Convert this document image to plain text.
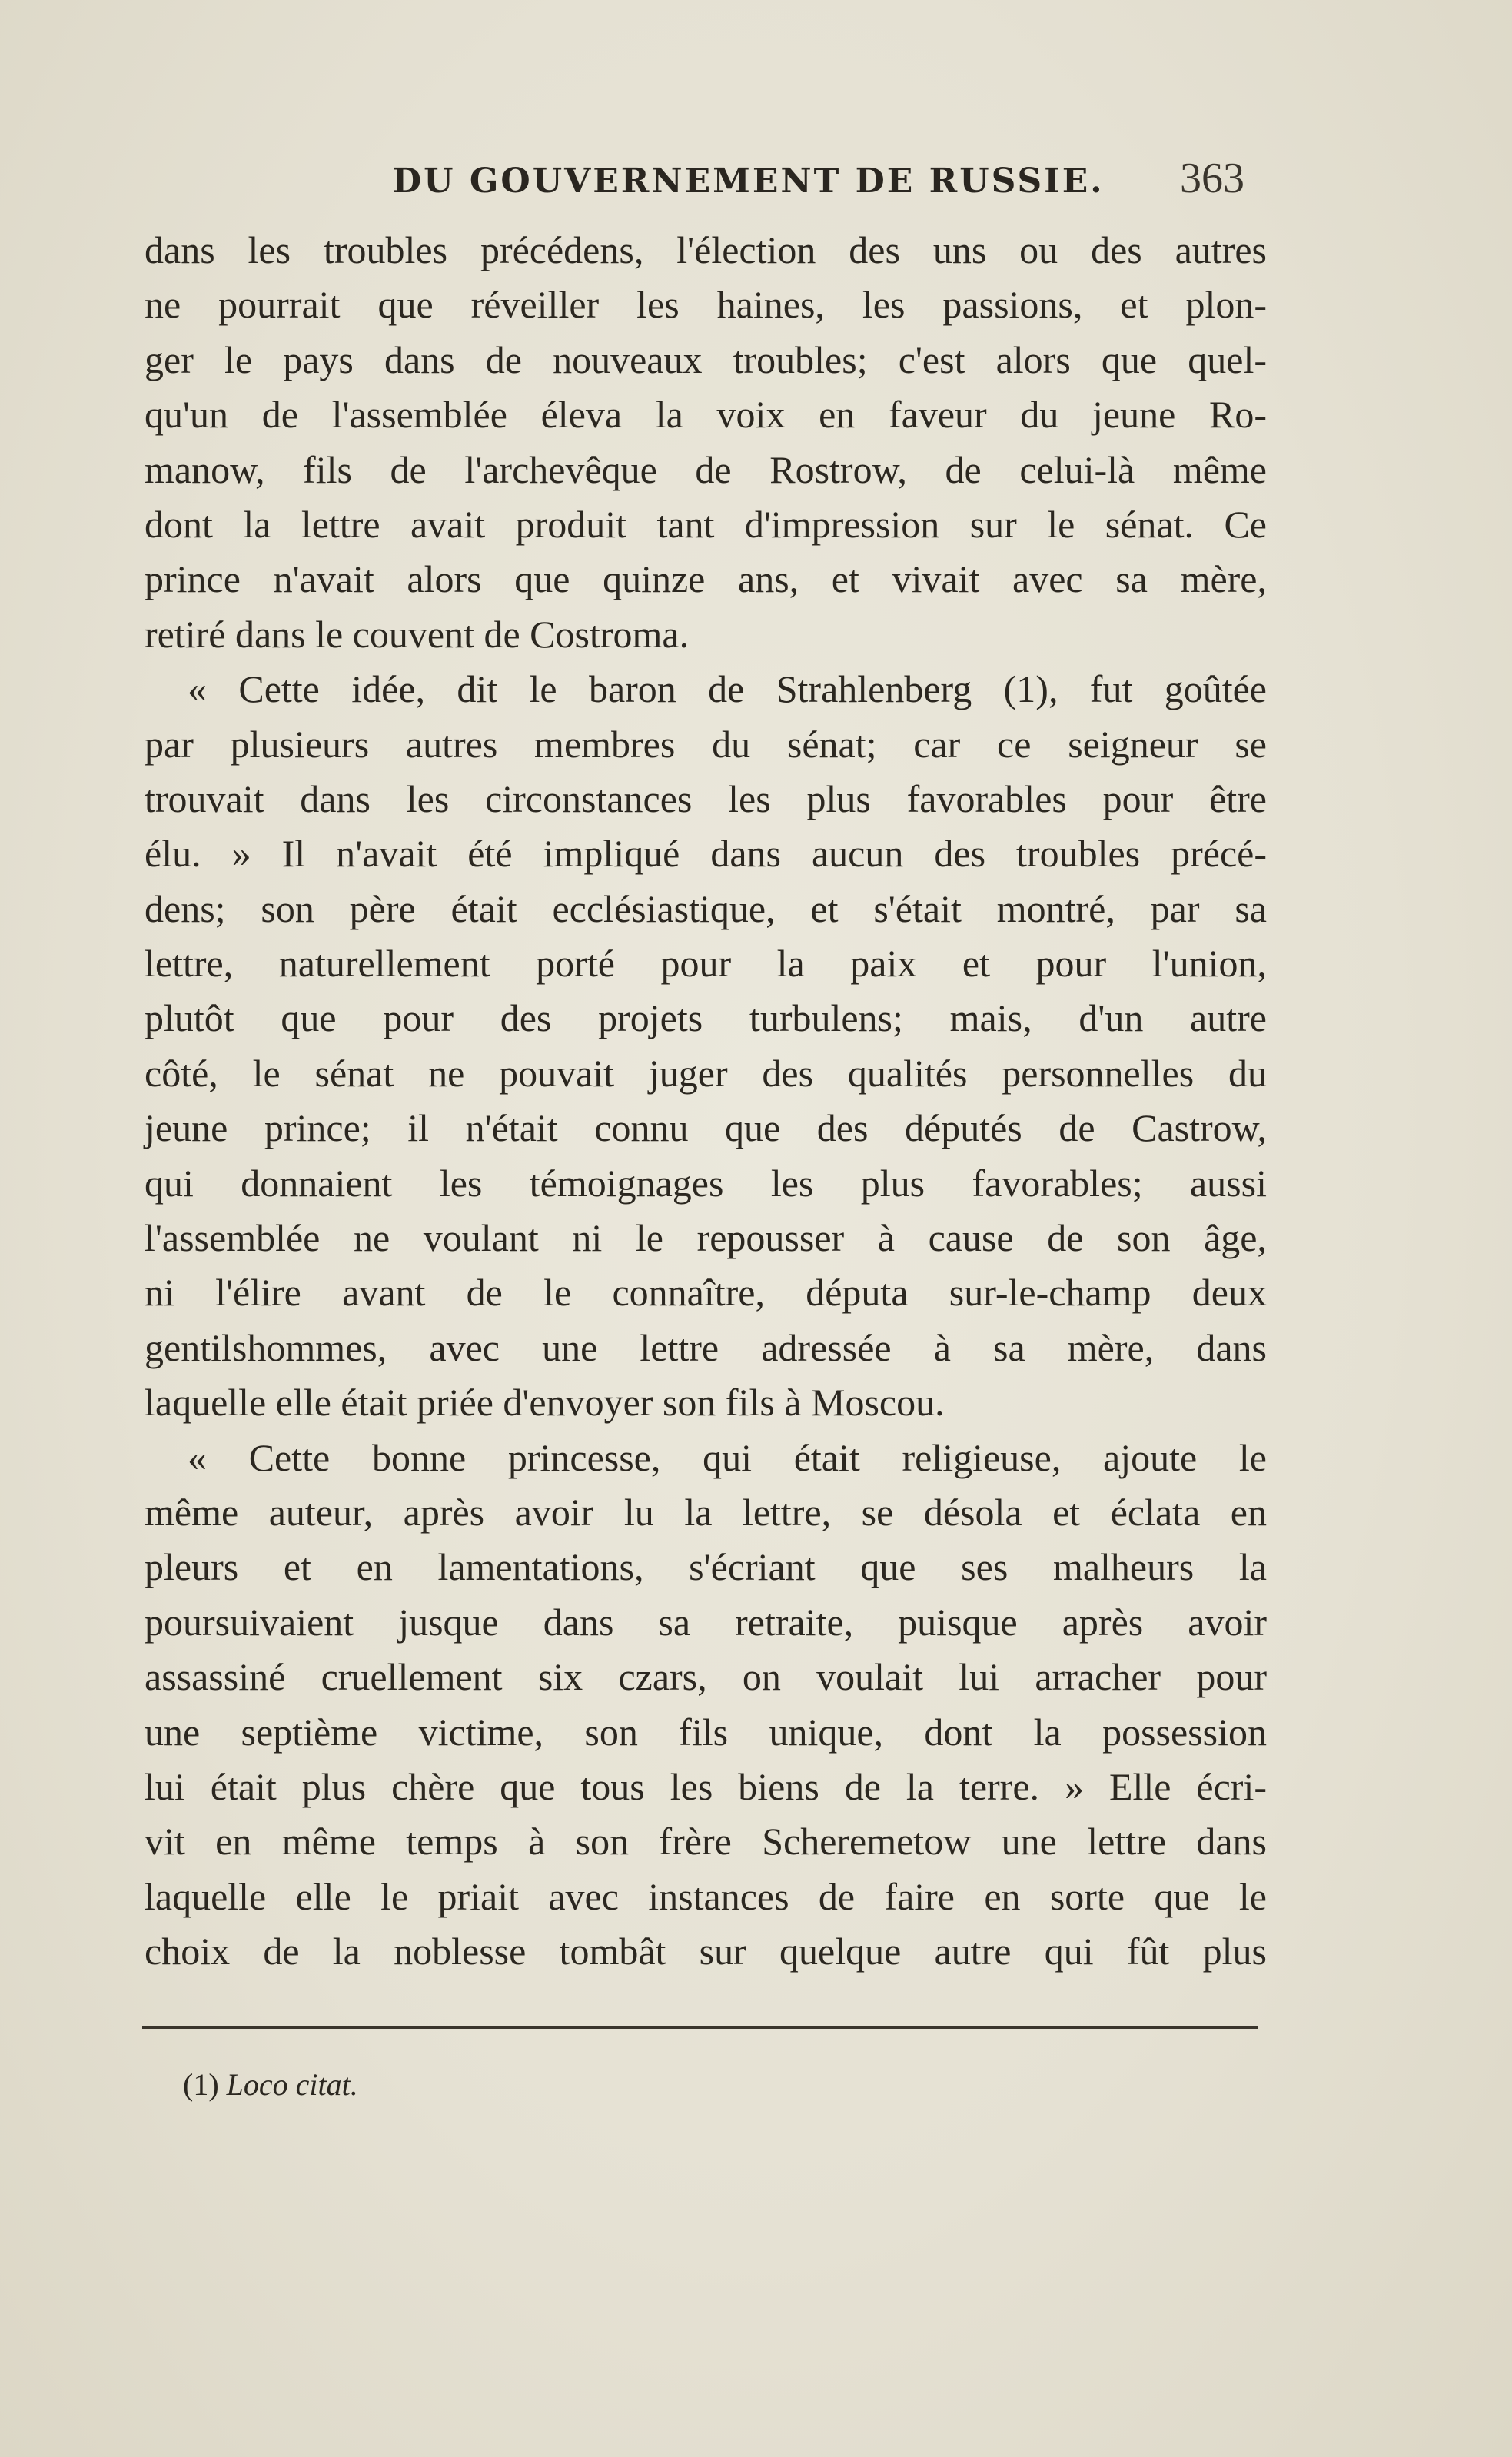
DU GOUVERNEMENT DE RUSSIE. 363
dans les troubles précédens, l'élection des uns ou des autres
ne pourrait que réveiller les haines, les passions, et plon-
ger le pays dans de nouveaux troubles; c'est alors que quel-
qu'un de l'assemblée éleva la voix en faveur du jeune Ro-
manow, fils de l'archevêque de Rostrow, de celui-là même
dont la lettre avait produit tant d'impression sur le sénat. Ce
prince n'avait alors que quinze ans, et vivait avec sa mère,
retiré dans le couvent de Costroma.
« Cette idée, dit le baron de Strahlenberg (1), fut goûtée
par plusieurs autres membres du sénat; car ce seigneur se
trouvait dans les circonstances les plus favorables pour être
élu. » Il n'avait été impliqué dans aucun des troubles précé-
dens; son père était ecclésiastique, et s'était montré, par sa
lettre, naturellement porté pour la paix et pour l'union,
plutôt que pour des projets turbulens; mais, d'un autre
côté, le sénat ne pouvait juger des qualités personnelles du
jeune prince; il n'était connu que des députés de Castrow,
qui donnaient les témoignages les plus favorables; aussi
l'assemblée ne voulant ni le repousser à cause de son âge,
ni l'élire avant de le connaître, députa sur-le-champ deux
gentilshommes, avec une lettre adressée à sa mère, dans
laquelle elle était priée d'envoyer son fils à Moscou.
« Cette bonne princesse, qui était religieuse, ajoute le
même auteur, après avoir lu la lettre, se désola et éclata en
pleurs et en lamentations, s'écriant que ses malheurs la
poursuivaient jusque dans sa retraite, puisque après avoir
assassiné cruellement six czars, on voulait lui arracher pour
une septième victime, son fils unique, dont la possession
lui était plus chère que tous les biens de la terre. » Elle écri-
vit en même temps à son frère Scheremetow une lettre dans
laquelle elle le priait avec instances de faire en sorte que le
choix de la noblesse tombât sur quelque autre qui fût plus
(1) Loco citat.
